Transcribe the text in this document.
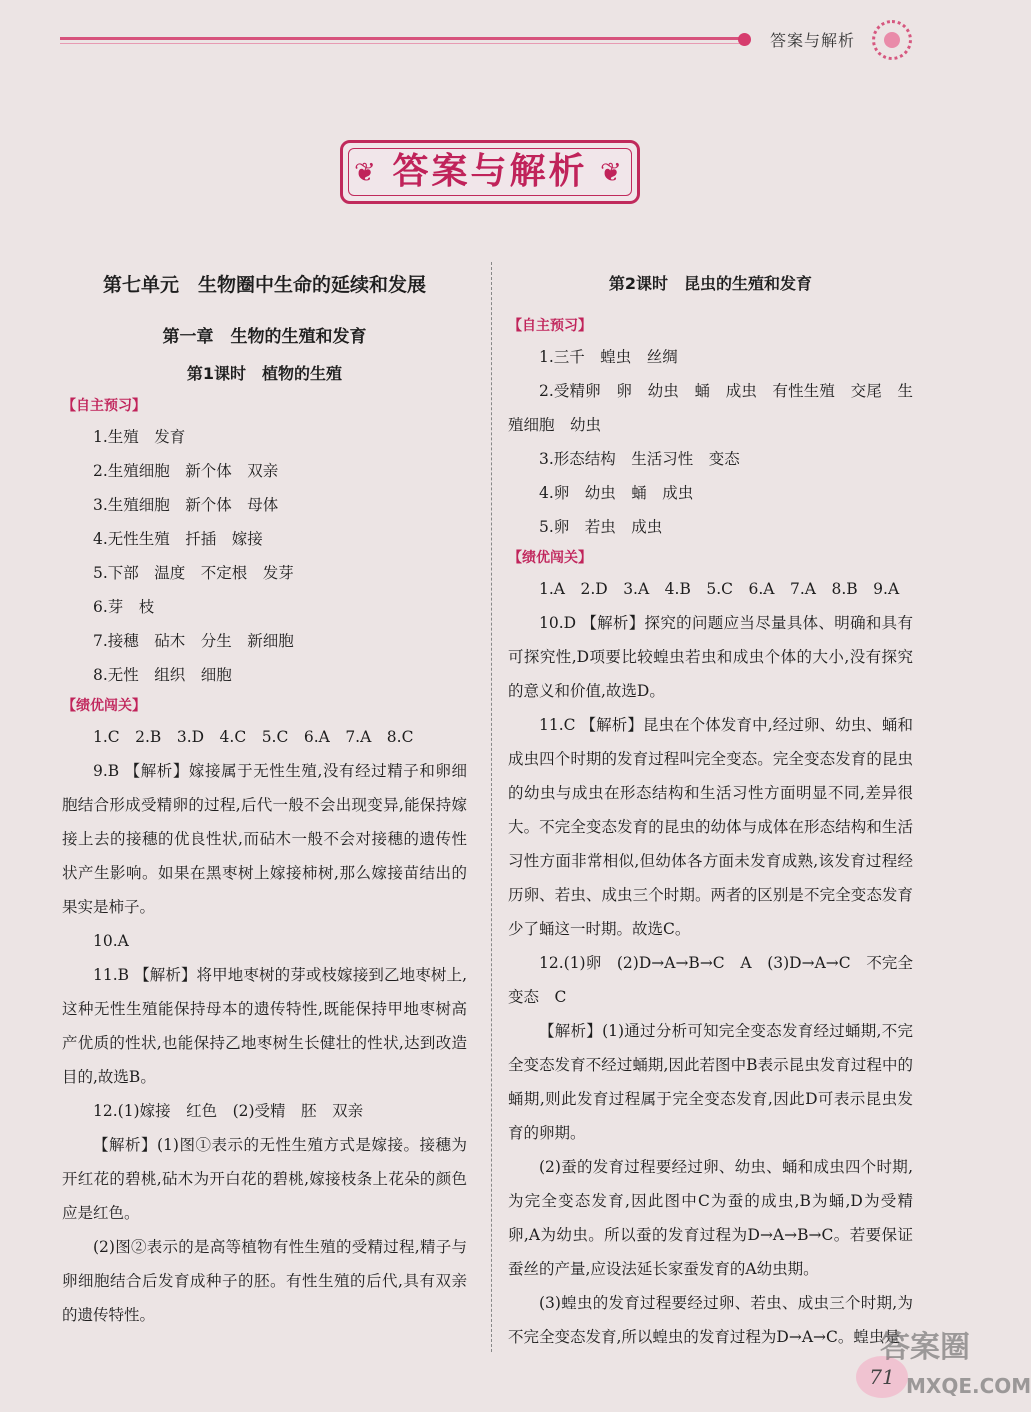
答案与解析
❦	❦
答案与解析
第七单元　生物圈中生命的延续和发展
第一章　生物的生殖和发育
第1课时　植物的生殖
【自主预习】
1.生殖　发育
2.生殖细胞　新个体　双亲
3.生殖细胞　新个体　母体
4.无性生殖　扦插　嫁接
5.下部　温度　不定根　发芽
6.芽　枝
7.接穗　砧木　分生　新细胞
8.无性　组织　细胞
【绩优闯关】
1.C　2.B　3.D　4.C　5.C　6.A　7.A　8.C

9.B 【解析】嫁接属于无性生殖,没有经过精子和卵细胞结合形成受精卵的过程,后代一般不会出现变异,能保持嫁接上去的接穗的优良性状,而砧木一般不会对接穗的遗传性状产生影响。如果在黑枣树上嫁接柿树,那么嫁接苗结出的果实是柿子。

10.A

11.B 【解析】将甲地枣树的芽或枝嫁接到乙地枣树上,这种无性生殖能保持母本的遗传特性,既能保持甲地枣树高产优质的性状,也能保持乙地枣树生长健壮的性状,达到改造目的,故选B。

12.(1)嫁接　红色　(2)受精　胚　双亲

【解析】(1)图①表示的无性生殖方式是嫁接。接穗为开红花的碧桃,砧木为开白花的碧桃,嫁接枝条上花朵的颜色应是红色。

(2)图②表示的是高等植物有性生殖的受精过程,精子与卵细胞结合后发育成种子的胚。有性生殖的后代,具有双亲的遗传特性。

第2课时　昆虫的生殖和发育
【自主预习】

1.三千　蝗虫　丝绸

2.受精卵　卵　幼虫　蛹　成虫　有性生殖　交尾　生殖细胞　幼虫

3.形态结构　生活习性　变态

4.卵　幼虫　蛹　成虫

5.卵　若虫　成虫

【绩优闯关】
1.A　2.D　3.A　4.B　5.C　6.A　7.A　8.B　9.A

10.D 【解析】探究的问题应当尽量具体、明确和具有可探究性,D项要比较蝗虫若虫和成虫个体的大小,没有探究的意义和价值,故选D。

11.C 【解析】昆虫在个体发育中,经过卵、幼虫、蛹和成虫四个时期的发育过程叫完全变态。完全变态发育的昆虫的幼虫与成虫在形态结构和生活习性方面明显不同,差异很大。不完全变态发育的昆虫的幼体与成体在形态结构和生活习性方面非常相似,但幼体各方面未发育成熟,该发育过程经历卵、若虫、成虫三个时期。两者的区别是不完全变态发育少了蛹这一时期。故选C。

12.(1)卵　(2)D→A→B→C　A　(3)D→A→C　不完全变态　C

【解析】(1)通过分析可知完全变态发育经过蛹期,不完全变态发育不经过蛹期,因此若图中B表示昆虫发育过程中的蛹期,则此发育过程属于完全变态发育,因此D可表示昆虫发育的卵期。

(2)蚕的发育过程要经过卵、幼虫、蛹和成虫四个时期,为完全变态发育,因此图中C为蚕的成虫,B为蛹,D为受精卵,A为幼虫。所以蚕的发育过程为D→A→B→C。若要保证蚕丝的产量,应设法延长家蚕发育的A幼虫期。

(3)蝗虫的发育过程要经过卵、若虫、成虫三个时期,为不完全变态发育,所以蝗虫的发育过程为D→A→C。蝗虫是

71
答案圈
MXQE.COM
